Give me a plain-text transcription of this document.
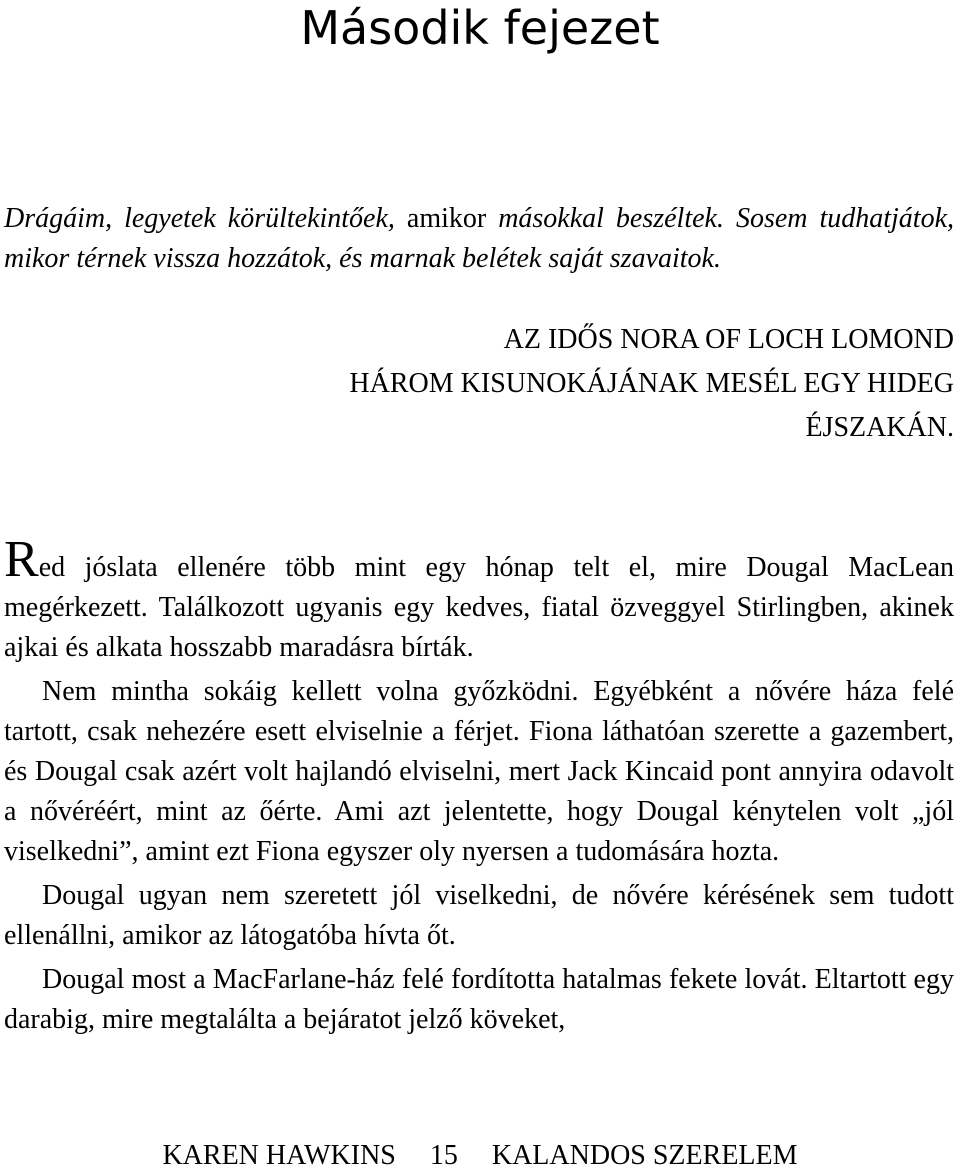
Második fejezet
Drágáim, legyetek körültekintőek, amikor másokkal beszéltek. Sosem tudhatjátok, mikor térnek vissza hozzátok, és marnak belétek saját szavaitok.
AZ IDŐS NORA OF LOCH LOMOND
HÁROM KISUNOKÁJÁNAK MESÉL EGY HIDEG
ÉJSZAKÁN.

Red jóslata ellenére több mint egy hónap telt el, mire Dougal MacLean megérkezett. Találkozott ugyanis egy kedves, fiatal özveggyel Stirlingben, akinek ajkai és alkata hosszabb maradásra bírták.

Nem mintha sokáig kellett volna győzködni. Egyébként a nővére háza felé tartott, csak nehezére esett elviselnie a férjet. Fiona láthatóan szerette a gazembert, és Dougal csak azért volt hajlandó elviselni, mert Jack Kincaid pont annyira odavolt a nővéréért, mint az őérte. Ami azt jelentette, hogy Dougal kénytelen volt „jól viselkedni”, amint ezt Fiona egyszer oly nyersen a tudomására hozta.

Dougal ugyan nem szeretett jól viselkedni, de nővére kérésének sem tudott ellenállni, amikor az látogatóba hívta őt.

Dougal most a MacFarlane-ház felé fordította hatalmas fekete lovát. Eltartott egy darabig, mire megtalálta a bejáratot jelző köveket,

KAREN HAWKINS 15 KALANDOS SZERELEM
